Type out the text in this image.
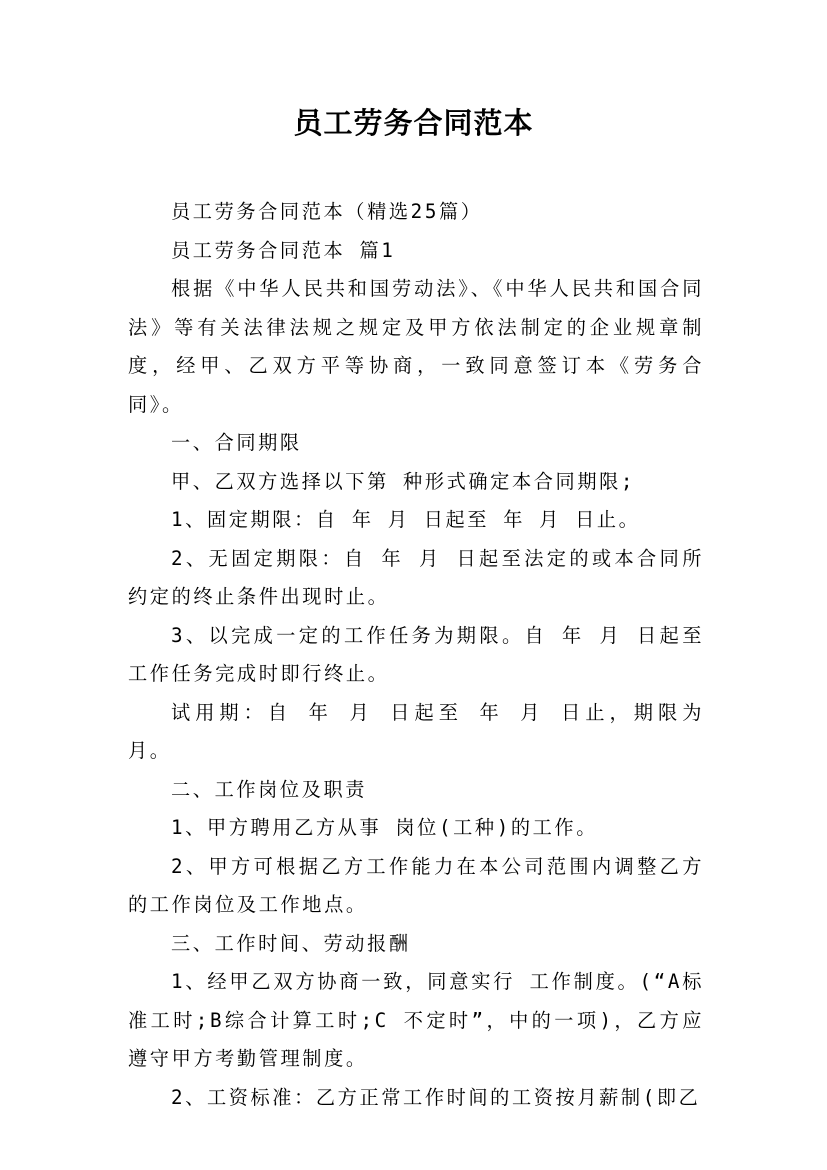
员工劳务合同范本

员工劳务合同范本（精选25篇）

员工劳务合同范本 篇1

根据《中华人民共和国劳动法》、《中华人民共和国合同法》等有关法律法规之规定及甲方依法制定的企业规章制度，经甲、乙双方平等协商，一致同意签订本《劳务合同》。

一、合同期限

甲、乙双方选择以下第 种形式确定本合同期限;

1、固定期限：自 年 月 日起至 年 月 日止。

2、无固定期限：自 年 月 日起至法定的或本合同所约定的终止条件出现时止。

3、以完成一定的工作任务为期限。自 年 月 日起至工作任务完成时即行终止。

试用期：自 年 月 日起至 年 月 日止，期限为 月。

二、工作岗位及职责

1、甲方聘用乙方从事 岗位(工种)的工作。

2、甲方可根据乙方工作能力在本公司范围内调整乙方的工作岗位及工作地点。

三、工作时间、劳动报酬

1、经甲乙双方协商一致，同意实行 工作制度。(“A标准工时;B综合计算工时;C 不定时”，中的一项)，乙方应遵守甲方考勤管理制度。

2、工资标准：乙方正常工作时间的工资按月薪制(即乙
